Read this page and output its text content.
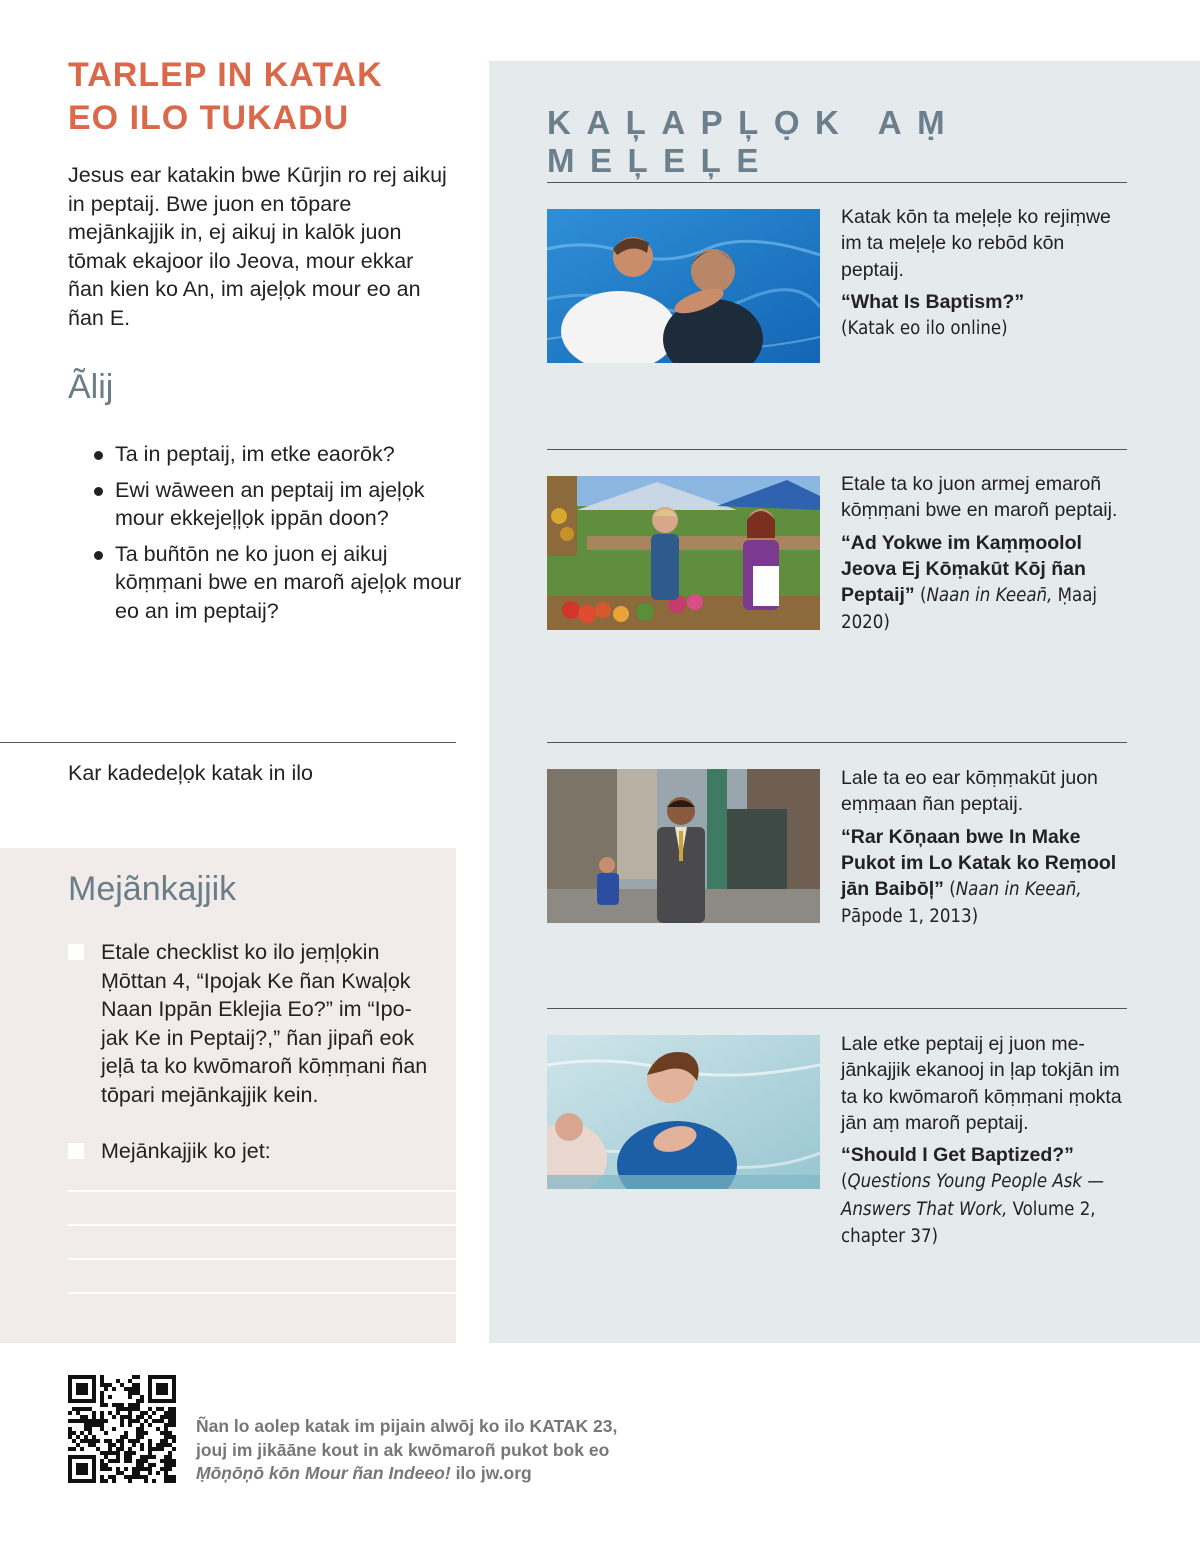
TARLEP IN KATAK
EO ILO TUKADU

Jesus ear katakin bwe Kūrjin ro rej aikuj in peptaij. Bwe juon en tōpare mejānkajjik in, ej aikuj in kalōk juon tōmak ekajoor ilo Jeova, mour ekkar ñan kien ko An, im ajeļọk mour eo an ñan E.

Ãlij
Ta in peptaij, im etke eaorōk?
Ewi wāween an peptaij im ajeļọk mour ekkejeļļọk ippān doon?
Ta buñtōn ne ko juon ej aikuj kōṃṃani bwe en maroñ ajeļọk mour eo an im peptaij?
Kar kadedeļọk katak in ilo
Mejãnkajjik
Etale checklist ko ilo jeṃļọkin Ṃōttan 4, “Ipojak Ke ñan Kwaļọk Naan Ippān Eklejia Eo?” im “Ipo-jak Ke in Peptaij?,” ñan jipañ eok jeļā ta ko kwōmaroñ kōṃṃani ñan tōpari mejānkajjik kein.
Mejānkajjik ko jet:
KAĻAPĻỌK AṂ MEĻEĻE
Katak kōn ta meļeļe ko rejiṃwe im ta meļeļe ko rebōd kōn peptaij.
“What Is Baptism?”
(Katak eo ilo online)
Etale ta ko juon armej emaroñ kōṃṃani bwe en maroñ peptaij.
“Ad Yokwe im Kaṃṃoolol Jeova Ej Kōṃakūt Kōj ñan Peptaij” (Naan in Keean̄, Ṃaaj 2020)
Lale ta eo ear kōṃṃakūt juon eṃṃaan ñan peptaij.
“Rar Kōņaan bwe In Make Pukot im Lo Katak ko Reṃool jān Baibōļ” (Naan in Keean̄, Pāpode 1, 2013)
Lale etke peptaij ej juon me-jānkajjik ekanooj in ļap tokjān im ta ko kwōmaroñ kōṃṃani ṃokta jān aṃ maroñ peptaij.
“Should I Get Baptized?”
(Questions Young People Ask —Answers That Work, Volume 2, chapter 37)

Ñan lo aolep katak im pijain alwōj ko ilo KATAK 23,
jouj im jikāāne kout in ak kwōmaroñ pukot bok eo
Ṃōņōņō kōn Mour ñan Indeeo! ilo jw.org
